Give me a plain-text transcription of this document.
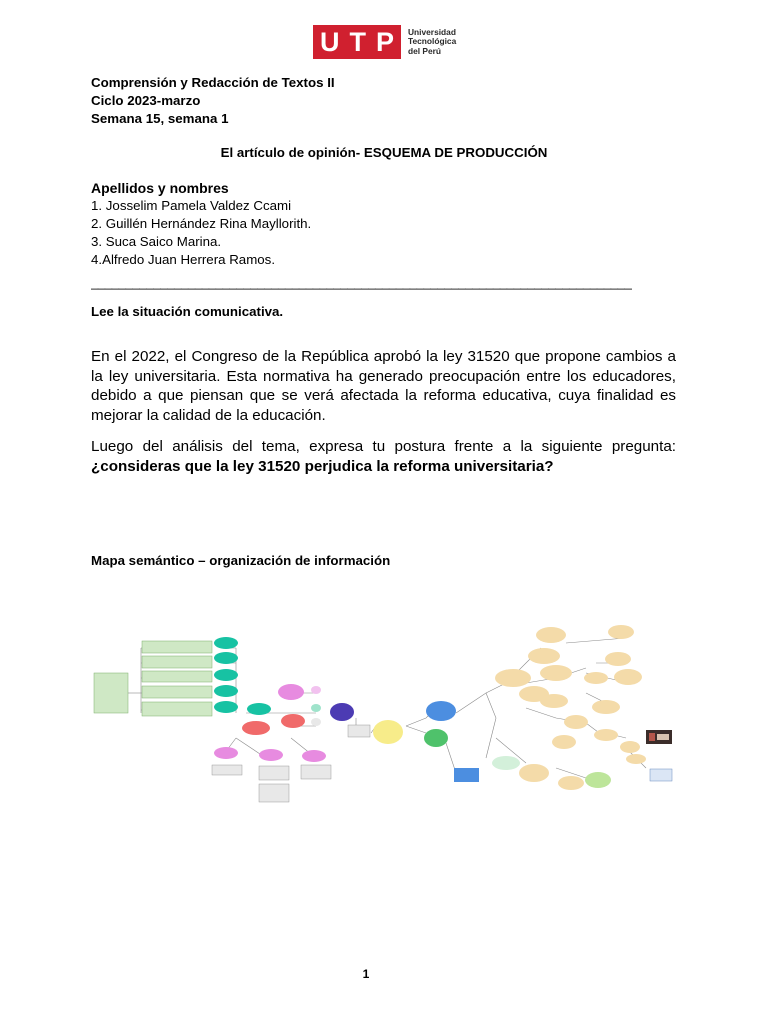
U T P Universidad
Tecnológica
del Perú
Comprensión y Redacción de Textos II
Ciclo 2023-marzo
Semana 15, semana 1
El artículo de opinión- ESQUEMA DE PRODUCCIÓN
Apellidos y nombres
1. Josselim Pamela Valdez Ccami
2. Guillén Hernández Rina Mayllorith.
3. Suca Saico Marina.
4.Alfredo Juan Herrera Ramos.
______________________________________________________________________________
Lee la situación comunicativa.
En el 2022, el Congreso de la República aprobó la ley 31520 que propone cambios a la ley universitaria. Esta normativa ha generado preocupación entre los educadores, debido a que piensan que se verá afectada la reforma educativa, cuya finalidad es mejorar la calidad de la educación.
Luego del análisis del tema, expresa tu postura frente a la siguiente pregunta: ¿consideras que la ley 31520 perjudica la reforma universitaria?
Mapa semántico – organización de información
1
